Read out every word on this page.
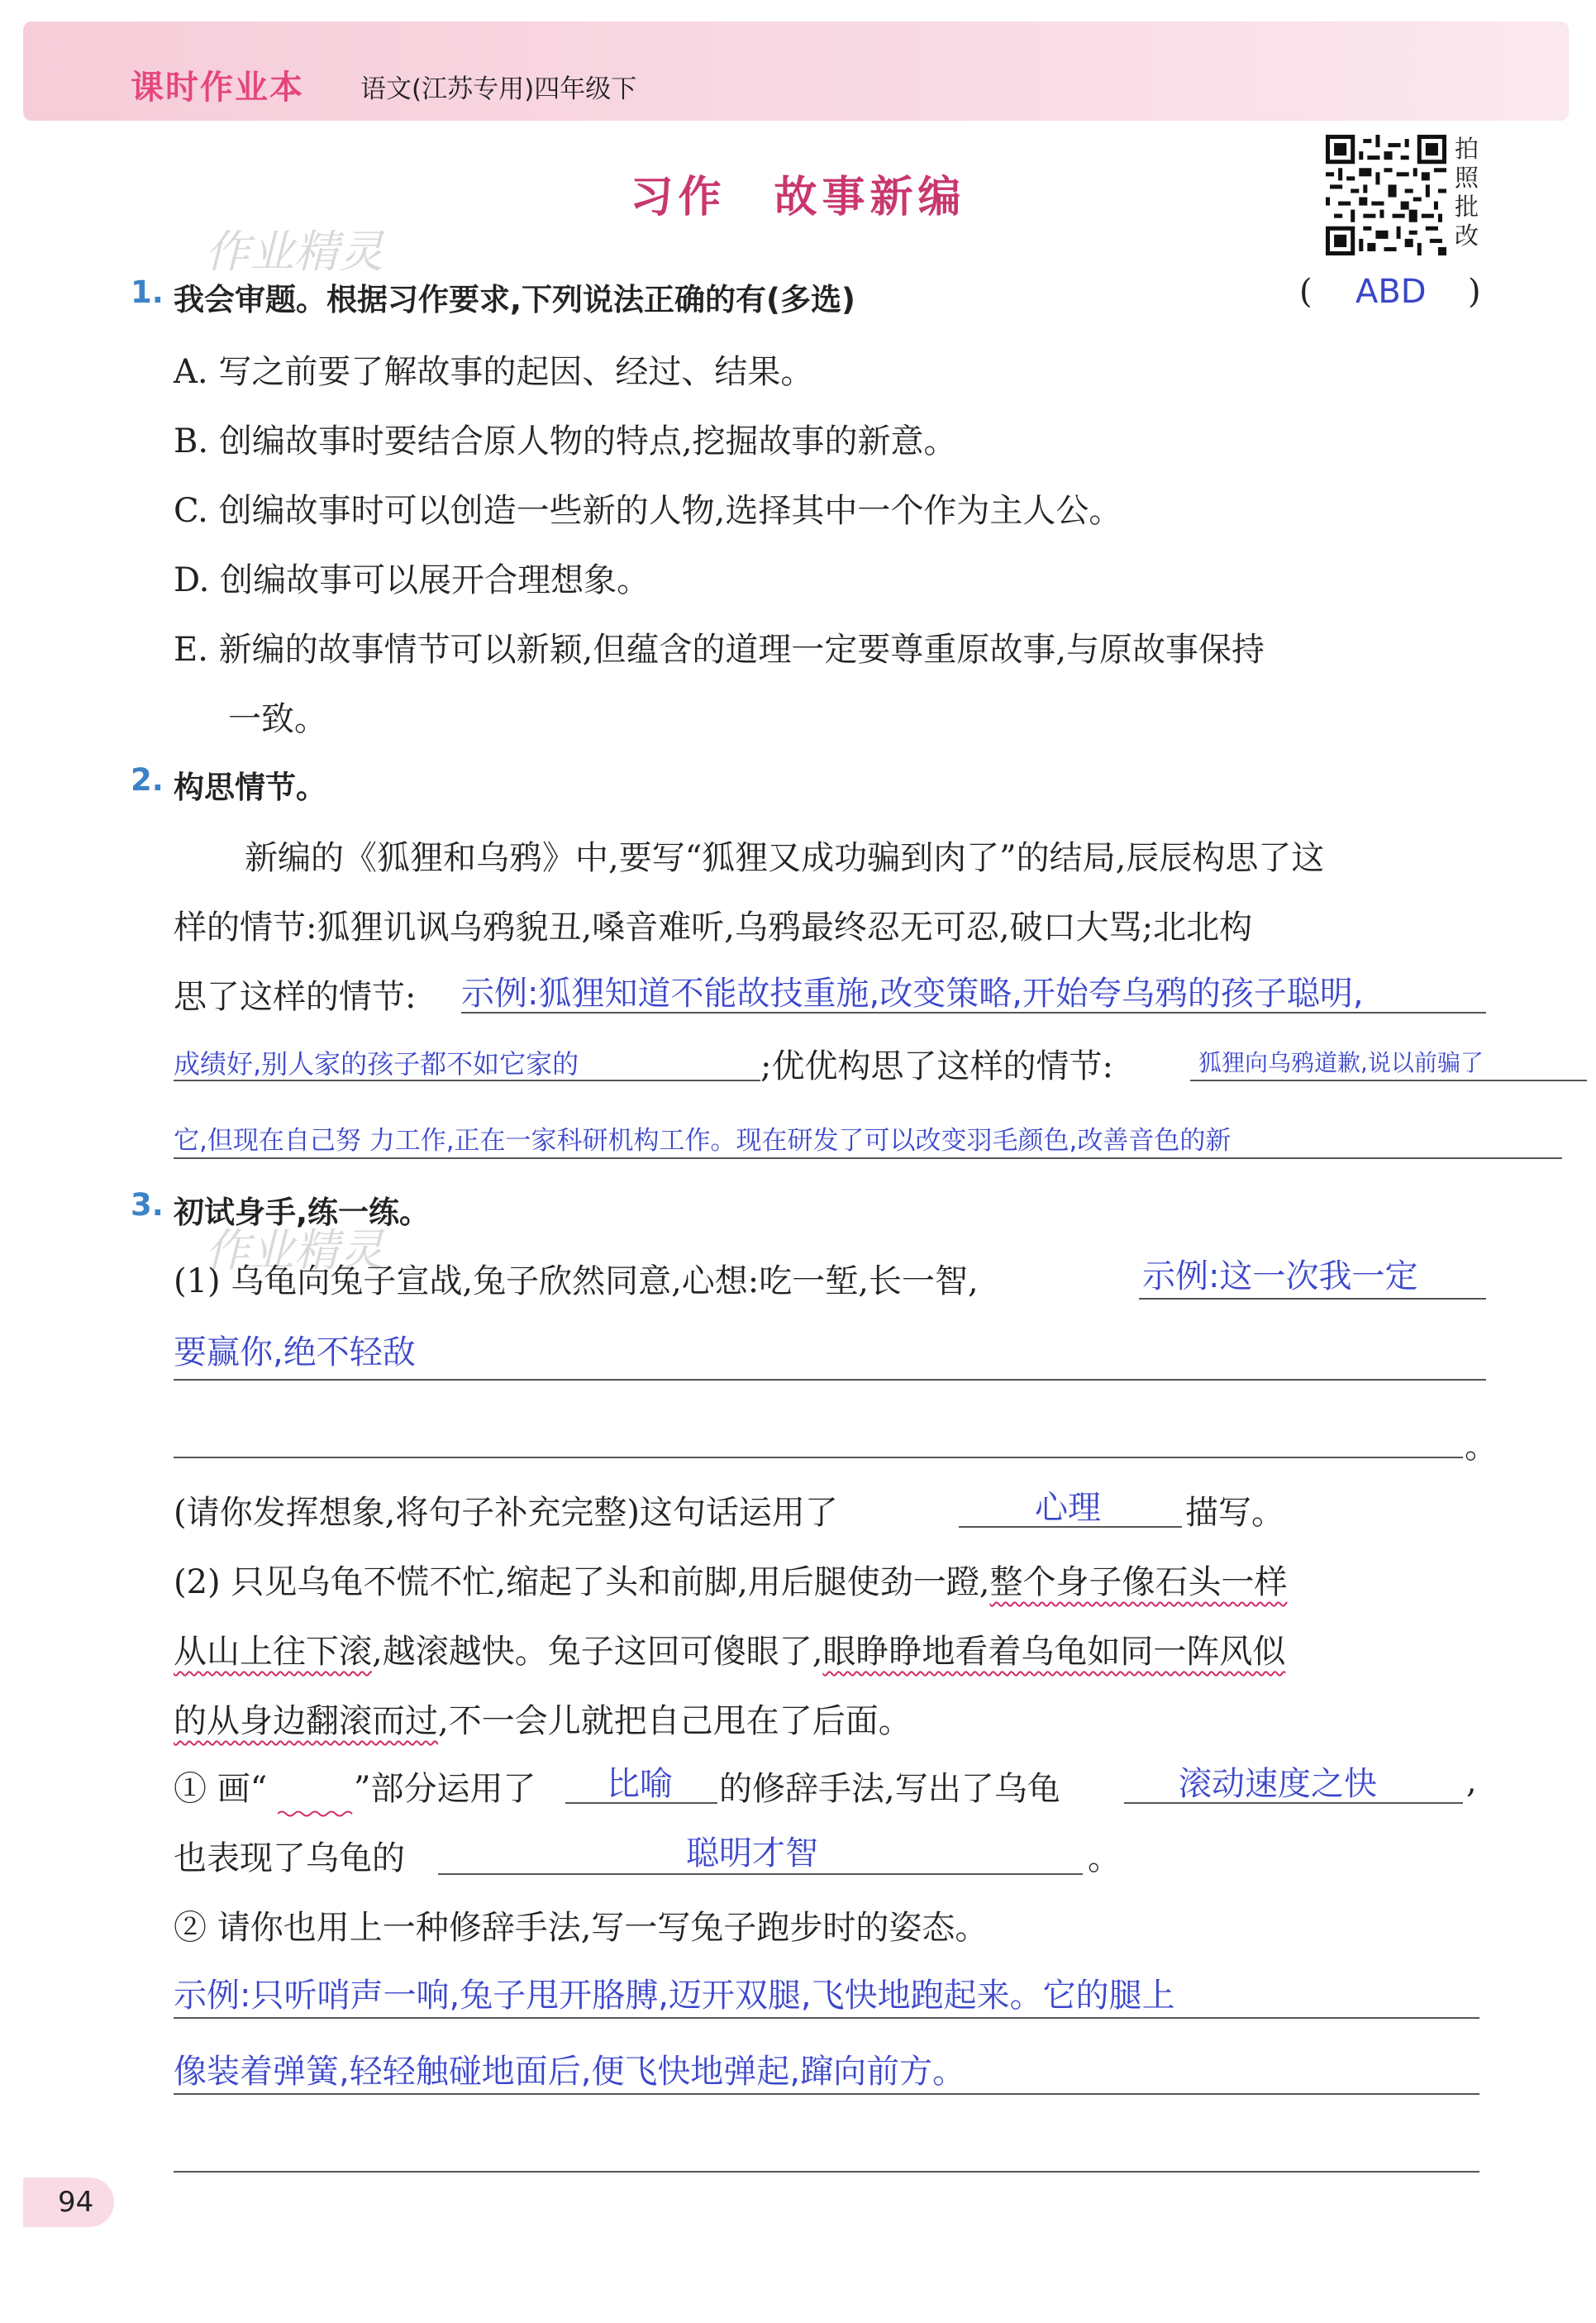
课时作业本 语文(江苏专用)四年级下
习作　故事新编
拍
照
批
改
作业精灵
作业精灵
1. 我会审题。根据习作要求,下列说法正确的有(多选)	( ABD )
A. 写之前要了解故事的起因、经过、结果。
B. 创编故事时要结合原人物的特点,挖掘故事的新意。
C. 创编故事时可以创造一些新的人物,选择其中一个作为主人公。
D. 创编故事可以展开合理想象。
E. 新编的故事情节可以新颖,但蕴含的道理一定要尊重原故事,与原故事保持
一致。
2. 构思情节。
新编的《狐狸和乌鸦》中,要写“狐狸又成功骗到肉了”的结局,辰辰构思了这
样的情节:狐狸讥讽乌鸦貌丑,嗓音难听,乌鸦最终忍无可忍,破口大骂;北北构
思了这样的情节: 示例:狐狸知道不能故技重施,改变策略,开始夸乌鸦的孩子聪明,
成绩好,别人家的孩子都不如它家的	;优优构思了这样的情节:	狐狸向乌鸦道歉,说以前骗了
它,但现在自己努 力工作,正在一家科研机构工作。现在研发了可以改变羽毛颜色,改善音色的新
3. 初试身手,练一练。
(1) 乌龟向兔子宣战,兔子欣然同意,心想:吃一堑,长一智,	示例:这一次我一定
要赢你,绝不轻敌
。
(请你发挥想象,将句子补充完整)这句话运用了	心理	描写。
(2) 只见乌龟不慌不忙,缩起了头和前脚,用后腿使劲一蹬,整个身子像石头一样
从山上往下滚,越滚越快。兔子这回可傻眼了,眼睁睁地看着乌龟如同一阵风似
的从身边翻滚而过,不一会儿就把自己甩在了后面。
① 画“	”部分运用了 比喻 的修辞手法,写出了乌龟	滚动速度之快	,
也表现了乌龟的	聪明才智	。
② 请你也用上一种修辞手法,写一写兔子跑步时的姿态。
示例:只听哨声一响,兔子甩开胳膊,迈开双腿,飞快地跑起来。它的腿上
像装着弹簧,轻轻触碰地面后,便飞快地弹起,蹿向前方。
94
